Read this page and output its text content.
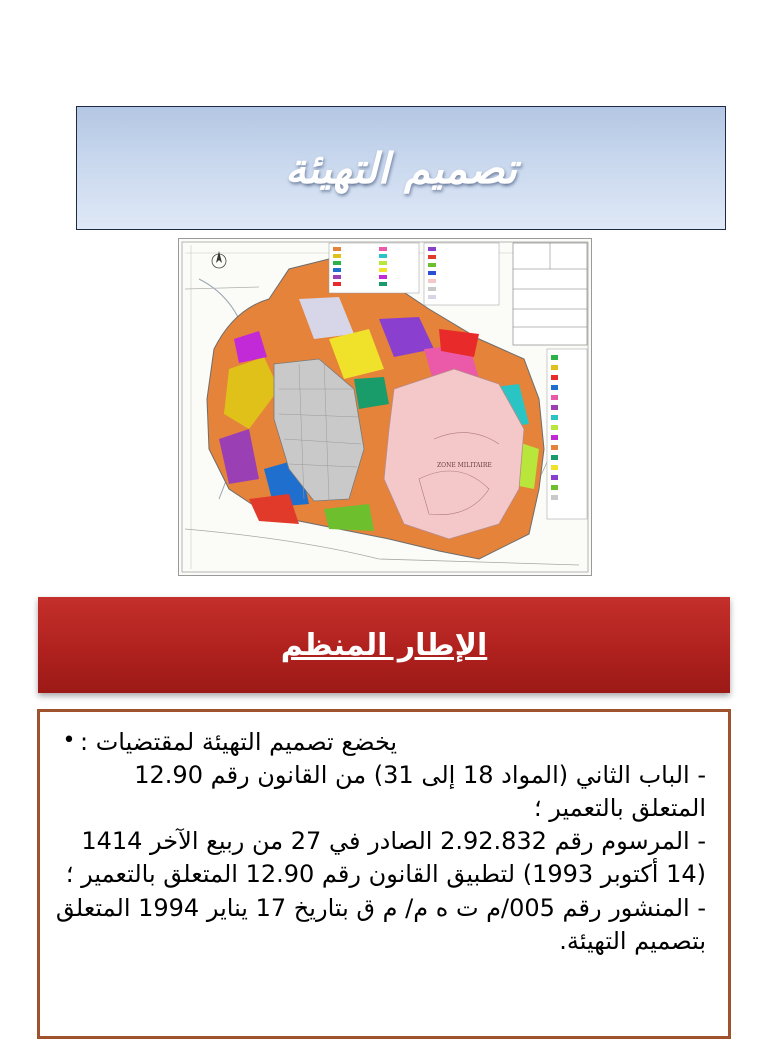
تصميم التهيئة
ZONE MILITAIRE
الإطار المنظم
• يخضع تصميم التهيئة لمقتضيات :
- الباب الثاني (المواد 18 إلى 31) من القانون رقم 12.90 المتعلق بالتعمير ؛
- المرسوم رقم 2.92.832 الصادر في 27 من ربيع الآخر 1414 (14 أكتوبر 1993) لتطبيق القانون رقم 12.90 المتعلق بالتعمير ؛
- المنشور رقم 005/م ت ه م/ م ق بتاريخ 17 يناير 1994 المتعلق بتصميم التهيئة.
